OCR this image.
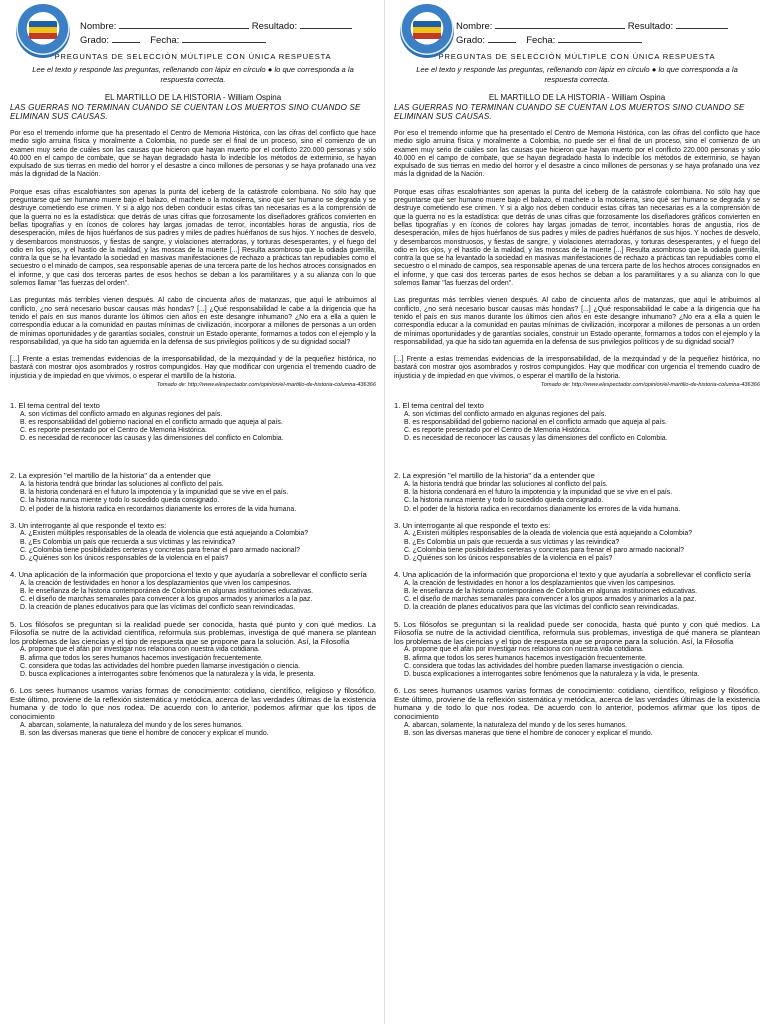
Nombre:	Resultado:
Grado:	Fecha:
PREGUNTAS DE SELECCIÓN MÚLTIPLE CON ÚNICA RESPUESTA
Lee el texto y responde las preguntas, rellenando con lápiz en círculo ● lo que corresponda a la respuesta correcta.
EL MARTILLO DE LA HISTORIA - William Ospina
LAS GUERRAS NO TERMINAN CUANDO SE CUENTAN LOS MUERTOS SINO CUANDO SE ELIMINAN SUS CAUSAS.
Por eso el tremendo informe que ha presentado el Centro de Memoria Histórica, con las cifras del conflicto que hace medio siglo arruina física y moralmente a Colombia, no puede ser el final de un proceso, sino el comienzo de un examen muy serio de cuáles son las causas que hicieron que hayan muerto por el conflicto 220.000 personas y sólo 40.000 en el campo de combate, que se hayan degradado hasta lo indecible los métodos de exterminio, se hayan expulsado de sus tierras en medio del horror y el desastre a cinco millones de personas y se haya profanado una vez más la dignidad de la Nación.
Porque esas cifras escalofriantes son apenas la punta del iceberg de la catástrofe colombiana. No sólo hay que preguntarse qué ser humano muere bajo el balazo, el machete o la motosierra, sino qué ser humano se degrada y se destruye cometiendo ese crimen. Y si a algo nos deben conducir estas cifras tan necesarias es a la comprensión de que la guerra no es la estadística: que detrás de unas cifras que forzosamente los diseñadores gráficos convierten en bellas tipografías y en íconos de colores hay largas jornadas de terror, incontables horas de angustia, ríos de desesperación, miles de hijos huérfanos de sus padres y miles de padres huérfanos de sus hijos. Y noches de desvelo, y desembarcos monstruosos, y fiestas de sangre, y violaciones aterradoras, y torturas desesperantes, y el fuego del odio en los ojos, y el hastío de la maldad, y las moscas de la muerte [...] Resulta asombroso que la odiada guerrilla, contra la que se ha levantado la sociedad en masivas manifestaciones de rechazo a prácticas tan repudiables como el secuestro o el minado de campos, sea responsable apenas de una tercera parte de los hechos atroces consignados en el informe, y que casi dos terceras partes de esos hechos se deban a los paramilitares y a su alianza con lo que solemos llamar "las fuerzas del orden".
Las preguntas más terribles vienen después. Al cabo de cincuenta años de matanzas, que aquí le atribuimos al conflicto, ¿no será necesario buscar causas más hondas? [...] ¿Qué responsabilidad le cabe a la dirigencia que ha tenido el país en sus manos durante los últimos cien años en este desangre inhumano? ¿No era a ella a quien le correspondía educar a la comunidad en pautas mínimas de civilización, incorporar a millones de personas a un orden de mínimas oportunidades y de garantías sociales, construir un Estado operante, formarnos a todos con el ejemplo y la responsabilidad, ya que ha sido tan aguerrida en la defensa de sus privilegios políticos y de su dignidad social?
[...] Frente a estas tremendas evidencias de la irresponsabilidad, de la mezquindad y de la pequeñez histórica, no bastará con mostrar ojos asombrados y rostros compungidos. Hay que modificar con urgencia el tremendo cuadro de injusticia y de impiedad en que vivimos, o esperar el martillo de la historia.
Tomado de: http://www.elespectador.com/opinion/el-martillo-de-historia-columna-436366

1. El tema central del texto

A. son víctimas del conflicto armado en algunas regiones del país.
B. es responsabilidad del gobierno nacional en el conflicto armado que aqueja al país.
C. es reporte presentado por el Centro de Memoria Histórica.
D. es necesidad de reconocer las causas y las dimensiones del conflicto en Colombia.

2. La expresión "el martillo de la historia" da a entender que

A. la historia tendrá que brindar las soluciones al conflicto del país.
B. la historia condenará en el futuro la impotencia y la impunidad que se vive en el país.
C. la historia nunca miente y todo lo sucedido queda consignado.
D. el poder de la historia radica en recordarnos diariamente los errores de la vida humana.

3. Un interrogante al que responde el texto es:

A. ¿Existen múltiples responsables de la oleada de violencia que está aquejando a Colombia?
B. ¿Es Colombia un país que recuerda a sus víctimas y las reivindica?
C. ¿Colombia tiene posibilidades certeras y concretas para frenar el paro armado nacional?
D. ¿Quiénes son los únicos responsables de la violencia en el país?

4. Una aplicación de la información que proporciona el texto y que ayudaría a sobrellevar el conflicto sería

A. la creación de festividades en honor a los desplazamientos que viven los campesinos.
B. le enseñanza de la historia contemporánea de Colombia en algunas instituciones educativas.
C. el diseño de marchas semanales para convencer a los grupos armados y animarlos a la paz.
D. la creación de planes educativos para que las víctimas del conflicto sean reivindicadas.

5. Los filósofos se preguntan si la realidad puede ser conocida, hasta qué punto y con qué medios. La Filosofía se nutre de la actividad científica, reformula sus problemas, investiga de qué manera se plantean los problemas de las ciencias y el tipo de respuesta que se propone para la solución. Así, la Filosofía

A. propone que el afán por investigar nos relaciona con nuestra vida cotidiana.
B. afirma que todos los seres humanos hacemos investigación frecuentemente.
C. considera que todas las actividades del hombre pueden llamarse investigación o ciencia.
D. busca explicaciones a interrogantes sobre fenómenos que la naturaleza y la vida, le presenta.

6. Los seres humanos usamos varias formas de conocimiento: cotidiano, científico, religioso y filosófico. Este último, proviene de la reflexión sistemática y metódica, acerca de las verdades últimas de la existencia humana y de todo lo que nos rodea. De acuerdo con lo anterior, podemos afirmar que los tipos de conocimiento

A. abarcan, solamente, la naturaleza del mundo y de los seres humanos.
B. son las diversas maneras que tiene el hombre de conocer y explicar el mundo.
Nombre:	Resultado:
Grado:	Fecha:
PREGUNTAS DE SELECCIÓN MÚLTIPLE CON ÚNICA RESPUESTA
Lee el texto y responde las preguntas, rellenando con lápiz en círculo ● lo que corresponda a la respuesta correcta.
EL MARTILLO DE LA HISTORIA - William Ospina
LAS GUERRAS NO TERMINAN CUANDO SE CUENTAN LOS MUERTOS SINO CUANDO SE ELIMINAN SUS CAUSAS.
Por eso el tremendo informe que ha presentado el Centro de Memoria Histórica, con las cifras del conflicto que hace medio siglo arruina física y moralmente a Colombia, no puede ser el final de un proceso, sino el comienzo de un examen muy serio de cuáles son las causas que hicieron que hayan muerto por el conflicto 220.000 personas y sólo 40.000 en el campo de combate, que se hayan degradado hasta lo indecible los métodos de exterminio, se hayan expulsado de sus tierras en medio del horror y el desastre a cinco millones de personas y se haya profanado una vez más la dignidad de la Nación.
Porque esas cifras escalofriantes son apenas la punta del iceberg de la catástrofe colombiana. No sólo hay que preguntarse qué ser humano muere bajo el balazo, el machete o la motosierra, sino qué ser humano se degrada y se destruye cometiendo ese crimen. Y si a algo nos deben conducir estas cifras tan necesarias es a la comprensión de que la guerra no es la estadística: que detrás de unas cifras que forzosamente los diseñadores gráficos convierten en bellas tipografías y en íconos de colores hay largas jornadas de terror, incontables horas de angustia, ríos de desesperación, miles de hijos huérfanos de sus padres y miles de padres huérfanos de sus hijos. Y noches de desvelo, y desembarcos monstruosos, y fiestas de sangre, y violaciones aterradoras, y torturas desesperantes, y el fuego del odio en los ojos, y el hastío de la maldad, y las moscas de la muerte [...] Resulta asombroso que la odiada guerrilla, contra la que se ha levantado la sociedad en masivas manifestaciones de rechazo a prácticas tan repudiables como el secuestro o el minado de campos, sea responsable apenas de una tercera parte de los hechos atroces consignados en el informe, y que casi dos terceras partes de esos hechos se deban a los paramilitares y a su alianza con lo que solemos llamar "las fuerzas del orden".
Las preguntas más terribles vienen después. Al cabo de cincuenta años de matanzas, que aquí le atribuimos al conflicto, ¿no será necesario buscar causas más hondas? [...] ¿Qué responsabilidad le cabe a la dirigencia que ha tenido el país en sus manos durante los últimos cien años en este desangre inhumano? ¿No era a ella a quien le correspondía educar a la comunidad en pautas mínimas de civilización, incorporar a millones de personas a un orden de mínimas oportunidades y de garantías sociales, construir un Estado operante, formarnos a todos con el ejemplo y la responsabilidad, ya que ha sido tan aguerrida en la defensa de sus privilegios políticos y de su dignidad social?
[...] Frente a estas tremendas evidencias de la irresponsabilidad, de la mezquindad y de la pequeñez histórica, no bastará con mostrar ojos asombrados y rostros compungidos. Hay que modificar con urgencia el tremendo cuadro de injusticia y de impiedad en que vivimos, o esperar el martillo de la historia.
Tomado de: http://www.elespectador.com/opinion/el-martillo-de-historia-columna-436366

1. El tema central del texto

A. son víctimas del conflicto armado en algunas regiones del país.
B. es responsabilidad del gobierno nacional en el conflicto armado que aqueja al país.
C. es reporte presentado por el Centro de Memoria Histórica.
D. es necesidad de reconocer las causas y las dimensiones del conflicto en Colombia.

2. La expresión "el martillo de la historia" da a entender que

A. la historia tendrá que brindar las soluciones al conflicto del país.
B. la historia condenará en el futuro la impotencia y la impunidad que se vive en el país.
C. la historia nunca miente y todo lo sucedido queda consignado.
D. el poder de la historia radica en recordarnos diariamente los errores de la vida humana.

3. Un interrogante al que responde el texto es:

A. ¿Existen múltiples responsables de la oleada de violencia que está aquejando a Colombia?
B. ¿Es Colombia un país que recuerda a sus víctimas y las reivindica?
C. ¿Colombia tiene posibilidades certeras y concretas para frenar el paro armado nacional?
D. ¿Quiénes son los únicos responsables de la violencia en el país?

4. Una aplicación de la información que proporciona el texto y que ayudaría a sobrellevar el conflicto sería

A. la creación de festividades en honor a los desplazamientos que viven los campesinos.
B. le enseñanza de la historia contemporánea de Colombia en algunas instituciones educativas.
C. el diseño de marchas semanales para convencer a los grupos armados y animarlos a la paz.
D. la creación de planes educativos para que las víctimas del conflicto sean reivindicadas.

5. Los filósofos se preguntan si la realidad puede ser conocida, hasta qué punto y con qué medios. La Filosofía se nutre de la actividad científica, reformula sus problemas, investiga de qué manera se plantean los problemas de las ciencias y el tipo de respuesta que se propone para la solución. Así, la Filosofía

A. propone que el afán por investigar nos relaciona con nuestra vida cotidiana.
B. afirma que todos los seres humanos hacemos investigación frecuentemente.
C. considera que todas las actividades del hombre pueden llamarse investigación o ciencia.
D. busca explicaciones a interrogantes sobre fenómenos que la naturaleza y la vida, le presenta.

6. Los seres humanos usamos varias formas de conocimiento: cotidiano, científico, religioso y filosófico. Este último, proviene de la reflexión sistemática y metódica, acerca de las verdades últimas de la existencia humana y de todo lo que nos rodea. De acuerdo con lo anterior, podemos afirmar que los tipos de conocimiento

A. abarcan, solamente, la naturaleza del mundo y de los seres humanos.
B. son las diversas maneras que tiene el hombre de conocer y explicar el mundo.
